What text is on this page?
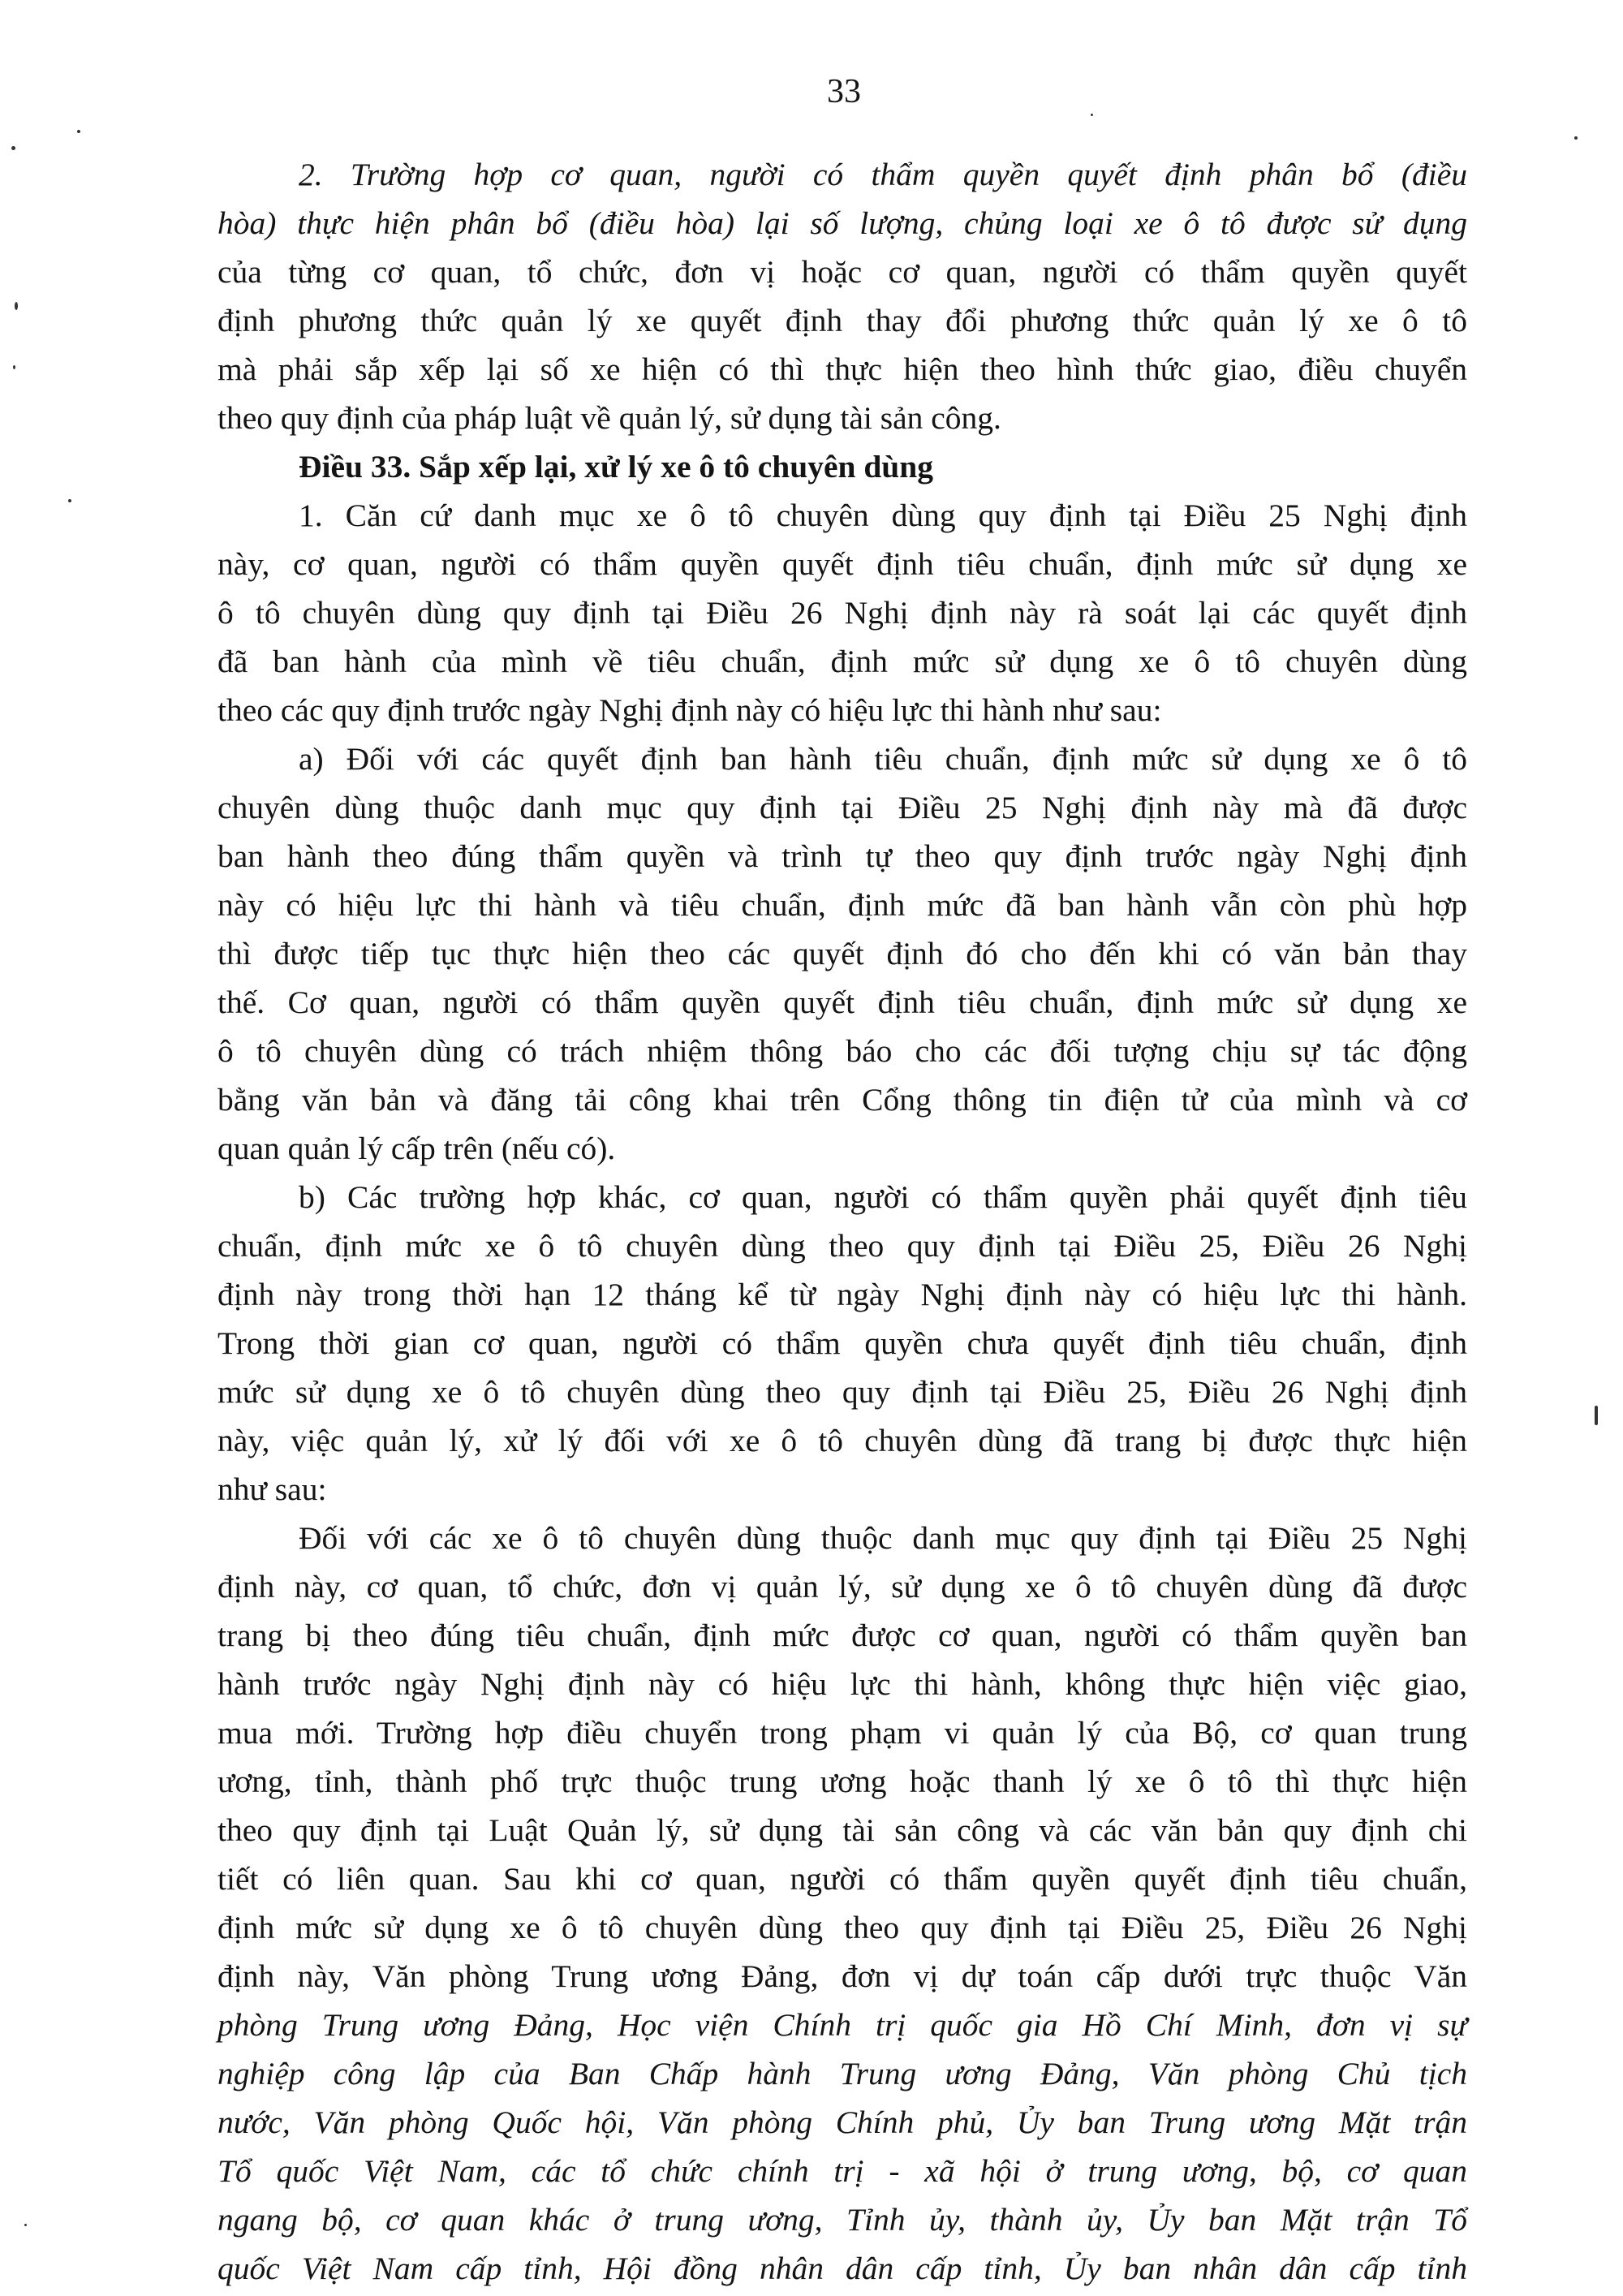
33
2. Trường hợp cơ quan, người có thẩm quyền quyết định phân bổ (điều
hòa) thực hiện phân bổ (điều hòa) lại số lượng, chủng loại xe ô tô được sử dụng
của từng cơ quan, tổ chức, đơn vị hoặc cơ quan, người có thẩm quyền quyết
định phương thức quản lý xe quyết định thay đổi phương thức quản lý xe ô tô
mà phải sắp xếp lại số xe hiện có thì thực hiện theo hình thức giao, điều chuyển
theo quy định của pháp luật về quản lý, sử dụng tài sản công.
Điều 33. Sắp xếp lại, xử lý xe ô tô chuyên dùng
1. Căn cứ danh mục xe ô tô chuyên dùng quy định tại Điều 25 Nghị định
này, cơ quan, người có thẩm quyền quyết định tiêu chuẩn, định mức sử dụng xe
ô tô chuyên dùng quy định tại Điều 26 Nghị định này rà soát lại các quyết định
đã ban hành của mình về tiêu chuẩn, định mức sử dụng xe ô tô chuyên dùng
theo các quy định trước ngày Nghị định này có hiệu lực thi hành như sau:
a) Đối với các quyết định ban hành tiêu chuẩn, định mức sử dụng xe ô tô
chuyên dùng thuộc danh mục quy định tại Điều 25 Nghị định này mà đã được
ban hành theo đúng thẩm quyền và trình tự theo quy định trước ngày Nghị định
này có hiệu lực thi hành và tiêu chuẩn, định mức đã ban hành vẫn còn phù hợp
thì được tiếp tục thực hiện theo các quyết định đó cho đến khi có văn bản thay
thế. Cơ quan, người có thẩm quyền quyết định tiêu chuẩn, định mức sử dụng xe
ô tô chuyên dùng có trách nhiệm thông báo cho các đối tượng chịu sự tác động
bằng văn bản và đăng tải công khai trên Cổng thông tin điện tử của mình và cơ
quan quản lý cấp trên (nếu có).
b) Các trường hợp khác, cơ quan, người có thẩm quyền phải quyết định tiêu
chuẩn, định mức xe ô tô chuyên dùng theo quy định tại Điều 25, Điều 26 Nghị
định này trong thời hạn 12 tháng kể từ ngày Nghị định này có hiệu lực thi hành.
Trong thời gian cơ quan, người có thẩm quyền chưa quyết định tiêu chuẩn, định
mức sử dụng xe ô tô chuyên dùng theo quy định tại Điều 25, Điều 26 Nghị định
này, việc quản lý, xử lý đối với xe ô tô chuyên dùng đã trang bị được thực hiện
như sau:
Đối với các xe ô tô chuyên dùng thuộc danh mục quy định tại Điều 25 Nghị
định này, cơ quan, tổ chức, đơn vị quản lý, sử dụng xe ô tô chuyên dùng đã được
trang bị theo đúng tiêu chuẩn, định mức được cơ quan, người có thẩm quyền ban
hành trước ngày Nghị định này có hiệu lực thi hành, không thực hiện việc giao,
mua mới. Trường hợp điều chuyển trong phạm vi quản lý của Bộ, cơ quan trung
ương, tỉnh, thành phố trực thuộc trung ương hoặc thanh lý xe ô tô thì thực hiện
theo quy định tại Luật Quản lý, sử dụng tài sản công và các văn bản quy định chi
tiết có liên quan. Sau khi cơ quan, người có thẩm quyền quyết định tiêu chuẩn,
định mức sử dụng xe ô tô chuyên dùng theo quy định tại Điều 25, Điều 26 Nghị
định này, Văn phòng Trung ương Đảng, đơn vị dự toán cấp dưới trực thuộc Văn
phòng Trung ương Đảng, Học viện Chính trị quốc gia Hồ Chí Minh, đơn vị sự
nghiệp công lập của Ban Chấp hành Trung ương Đảng, Văn phòng Chủ tịch
nước, Văn phòng Quốc hội, Văn phòng Chính phủ, Ủy ban Trung ương Mặt trận
Tổ quốc Việt Nam, các tổ chức chính trị - xã hội ở trung ương, bộ, cơ quan
ngang bộ, cơ quan khác ở trung ương, Tỉnh ủy, thành ủy, Ủy ban Mặt trận Tổ
quốc Việt Nam cấp tỉnh, Hội đồng nhân dân cấp tỉnh, Ủy ban nhân dân cấp tỉnh
